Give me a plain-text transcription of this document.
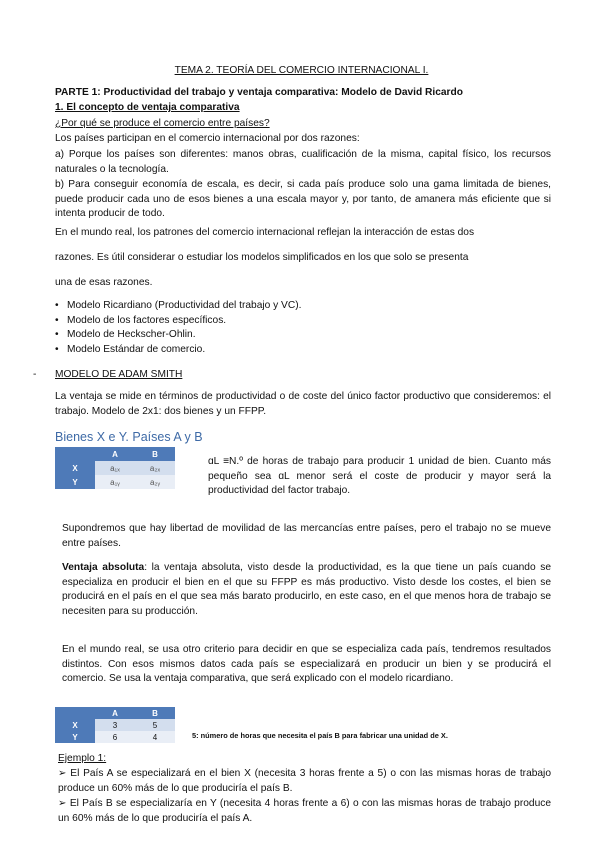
TEMA 2. TEORÍA DEL COMERCIO INTERNACIONAL I.
PARTE 1: Productividad del trabajo y ventaja comparativa: Modelo de David Ricardo
1. El concepto de ventaja comparativa
¿Por qué se produce el comercio entre países?
Los países participan en el comercio internacional por dos razones:
a) Porque los países son diferentes: manos obras, cualificación de la misma, capital físico, los recursos naturales o la tecnología.
b) Para conseguir economía de escala, es decir, si cada país produce solo una gama limitada de bienes, puede producir cada uno de esos bienes a una escala mayor y, por tanto, de amanera más eficiente que si intenta producir de todo.
En el mundo real, los patrones del comercio internacional reflejan la interacción de estas dos
razones. Es útil considerar o estudiar los modelos simplificados en los que solo se presenta
una de esas razones.
• Modelo Ricardiano (Productividad del trabajo y VC).
• Modelo de los factores específicos.
• Modelo de Heckscher-Ohlin.
• Modelo Estándar de comercio.
- MODELO DE ADAM SMITH
La ventaja se mide en términos de productividad o de coste del único factor productivo que consideremos: el trabajo. Modelo de 2x1: dos bienes y un FFPP.
Bienes X e Y. Países A y B
	A	B
X	a₁ₓ	a₂ₓ
Y	a₁ᵧ	a₂ᵧ
ɑL ≡N.º de horas de trabajo para producir 1 unidad de bien. Cuanto más pequeño sea ɑL menor será el coste de producir y mayor será la productividad del factor trabajo.
Supondremos que hay libertad de movilidad de las mercancías entre países, pero el trabajo no se mueve entre países.
Ventaja absoluta: la ventaja absoluta, visto desde la productividad, es la que tiene un país cuando se especializa en producir el bien en el que su FFPP es más productivo. Visto desde los costes, el bien se producirá en el país en el que sea más barato producirlo, en este caso, en el que menos hora de trabajo se necesiten para su producción.
En el mundo real, se usa otro criterio para decidir en que se especializa cada país, tendremos resultados distintos. Con esos mismos datos cada país se especializará en producir un bien y se producirá el comercio. Se usa la ventaja comparativa, que será explicado con el modelo ricardiano.
	A	B
X	3	5
Y	6	4	5: número de horas que necesita el país B para fabricar una unidad de X.
Ejemplo 1:
➢ El País A se especializará en el bien X (necesita 3 horas frente a 5) o con las mismas horas de trabajo produce un 60% más de lo que produciría el país B.
➢ El País B se especializaría en Y (necesita 4 horas frente a 6) o con las mismas horas de trabajo produce un 60% más de lo que produciría el país A.
